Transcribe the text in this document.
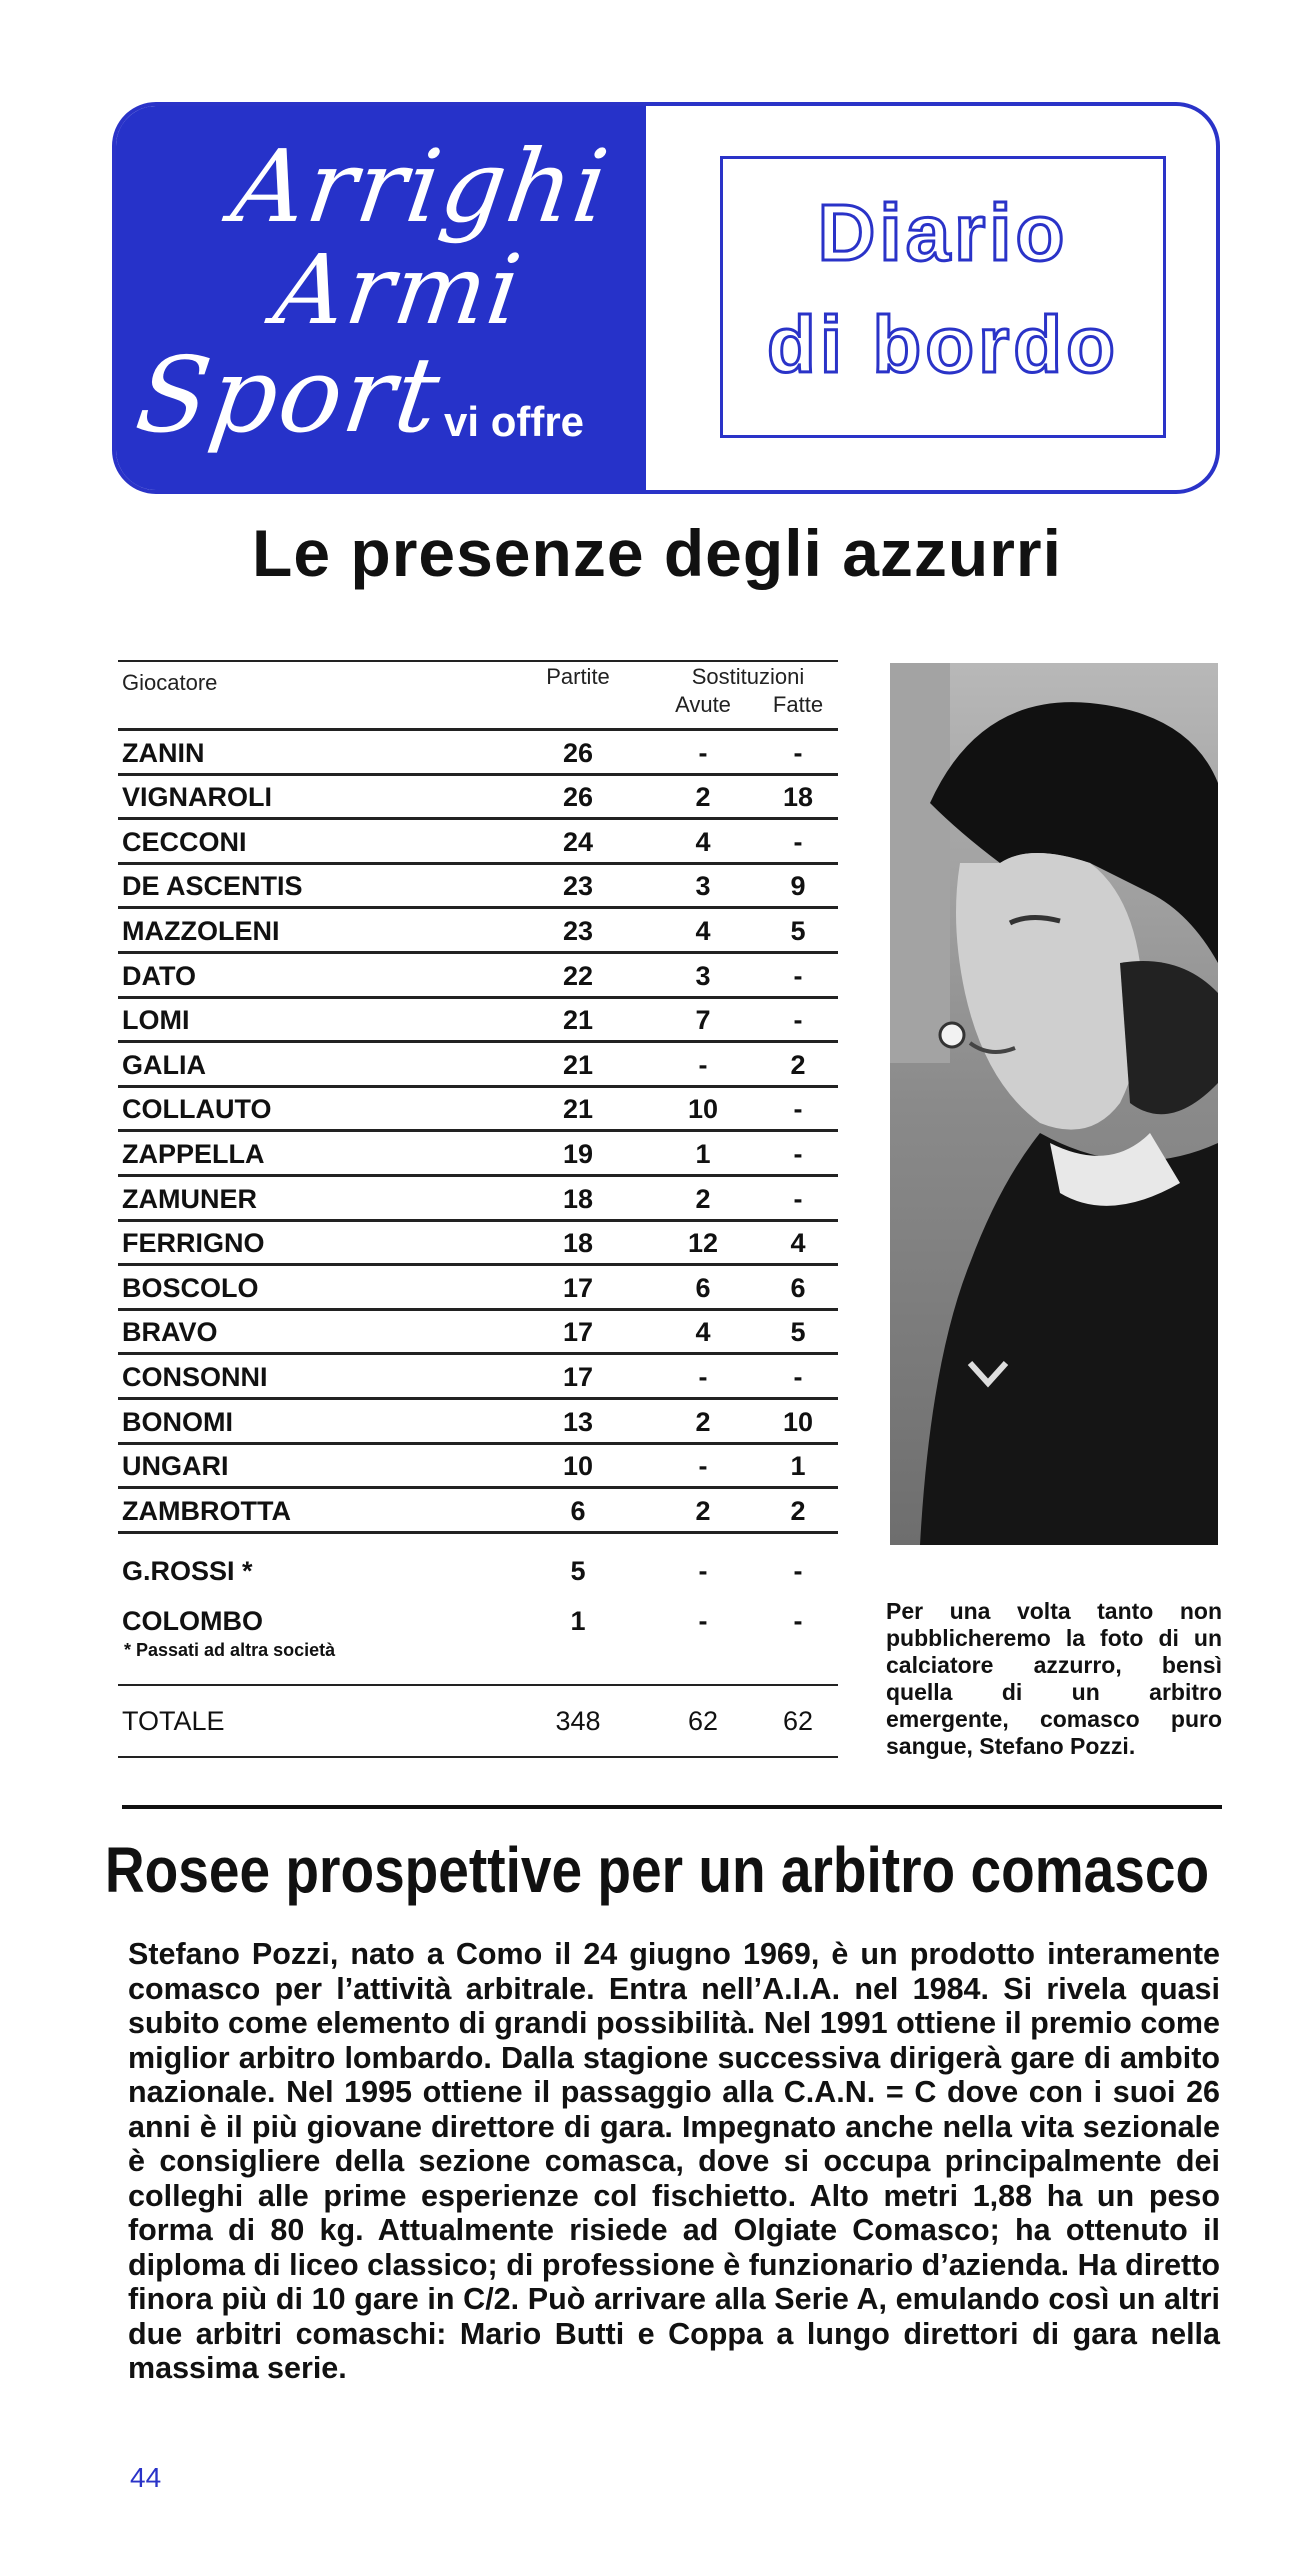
Arrighi
Armi
Sport
vi offre
Diario
di bordo
Le presenze degli azzurri
Giocatore	Partite	Sostituzioni
Avute	Fatte
ZANIN	26	-	-
VIGNAROLI	26	2	18
CECCONI	24	4	-
DE ASCENTIS	23	3	9
MAZZOLENI	23	4	5
DATO	22	3	-
LOMI	21	7	-
GALIA	21	-	2
COLLAUTO	21	10	-
ZAPPELLA	19	1	-
ZAMUNER	18	2	-
FERRIGNO	18	12	4
BOSCOLO	17	6	6
BRAVO	17	4	5
CONSONNI	17	-	-
BONOMI	13	2	10
UNGARI	10	-	1
ZAMBROTTA	6	2	2
G.ROSSI *	5	-	-
COLOMBO	1	-	-
* Passati ad altra società
TOTALE	348	62	62
Per una volta tanto non pubblicheremo la foto di un calciatore azzurro, bensì quella di un arbitro emergente, comasco puro sangue, Stefano Pozzi.
Rosee prospettive per un arbitro comasco
Stefano Pozzi, nato a Como il 24 giugno 1969, è un prodotto interamente comasco per l’attività arbitrale. Entra nell’A.I.A. nel 1984. Si rivela quasi subito come elemento di grandi possibilità. Nel 1991 ottiene il premio come miglior arbitro lombardo. Dalla stagione successiva dirigerà gare di ambito nazionale. Nel 1995 ottiene il passaggio alla C.A.N. = C dove con i suoi 26 anni è il più giovane direttore di gara. Impegnato anche nella vita sezionale è consigliere della sezione comasca, dove si occupa principalmente dei colleghi alle prime esperienze col fischietto. Alto metri 1,88 ha un peso forma di 80 kg. Attualmente risiede ad Olgiate Comasco; ha ottenuto il diploma di liceo classico; di professione è funzionario d’azienda. Ha diretto finora più di 10 gare in C/2. Può arrivare alla Serie A, emulando così un altri due arbitri comaschi: Mario Butti e Coppa a lungo direttori di gara nella massima serie.
44
